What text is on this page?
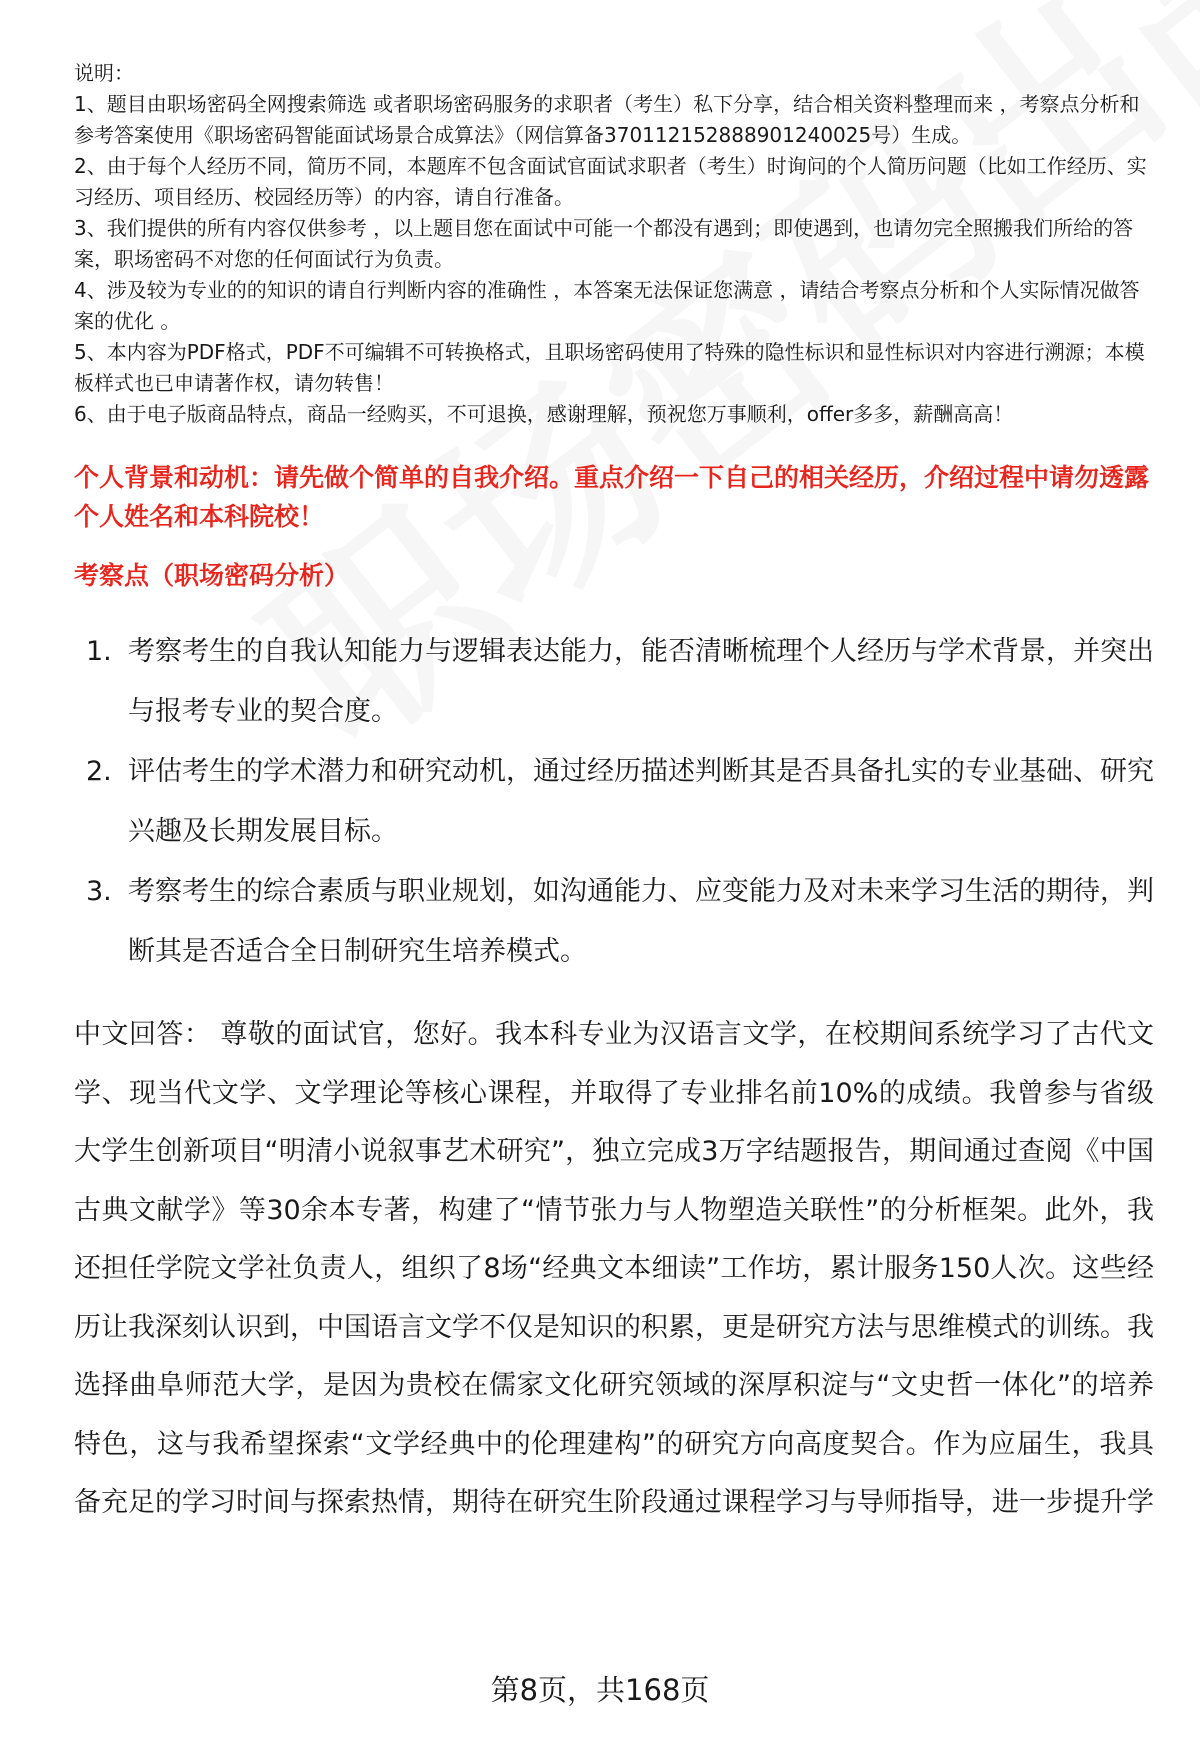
说明：

1、题目由职场密码全网搜索筛选 或者职场密码服务的求职者（考生）私下分享，结合相关资料整理而来 ，考察点分析和参考答案使用《职场密码智能面试场景合成算法》（网信算备370112152888901240025号）生成。

2、由于每个人经历不同，简历不同，本题库不包含面试官面试求职者（考生）时询问的个人简历问题（比如工作经历、实习经历、项目经历、校园经历等）的内容，请自行准备。

3、我们提供的所有内容仅供参考 ，以上题目您在面试中可能一个都没有遇到；即使遇到，也请勿完全照搬我们所给的答案，职场密码不对您的任何面试行为负责。

4、涉及较为专业的的知识的请自行判断内容的准确性 ，本答案无法保证您满意 ，请结合考察点分析和个人实际情况做答案的优化 。

5、本内容为PDF格式，PDF不可编辑不可转换格式，且职场密码使用了特殊的隐性标识和显性标识对内容进行溯源；本模板样式也已申请著作权，请勿转售！

6、由于电子版商品特点，商品一经购买，不可退换，感谢理解，预祝您万事顺利，offer多多，薪酬高高！

个人背景和动机：请先做个简单的自我介绍。重点介绍一下自己的相关经历，介绍过程中请勿透露个人姓名和本科院校！

考察点（职场密码分析）

1. 考察考生的自我认知能力与逻辑表达能力，能否清晰梳理个人经历与学术背景，并突出与报考专业的契合度。
2. 评估考生的学术潜力和研究动机，通过经历描述判断其是否具备扎实的专业基础、研究兴趣及长期发展目标。
3. 考察考生的综合素质与职业规划，如沟通能力、应变能力及对未来学习生活的期待，判断其是否适合全日制研究生培养模式。

中文回答： 尊敬的面试官，您好。我本科专业为汉语言文学，在校期间系统学习了古代文学、现当代文学、文学理论等核心课程，并取得了专业排名前10%的成绩。我曾参与省级大学生创新项目“明清小说叙事艺术研究”，独立完成3万字结题报告，期间通过查阅《中国古典文献学》等30余本专著，构建了“情节张力与人物塑造关联性”的分析框架。此外，我还担任学院文学社负责人，组织了8场“经典文本细读”工作坊，累计服务150人次。这些经历让我深刻认识到，中国语言文学不仅是知识的积累，更是研究方法与思维模式的训练。我选择曲阜师范大学，是因为贵校在儒家文化研究领域的深厚积淀与“文史哲一体化”的培养特色，这与我希望探索“文学经典中的伦理建构”的研究方向高度契合。作为应届生，我具备充足的学习时间与探索热情，期待在研究生阶段通过课程学习与导师指导，进一步提升学

第8页，共168页
